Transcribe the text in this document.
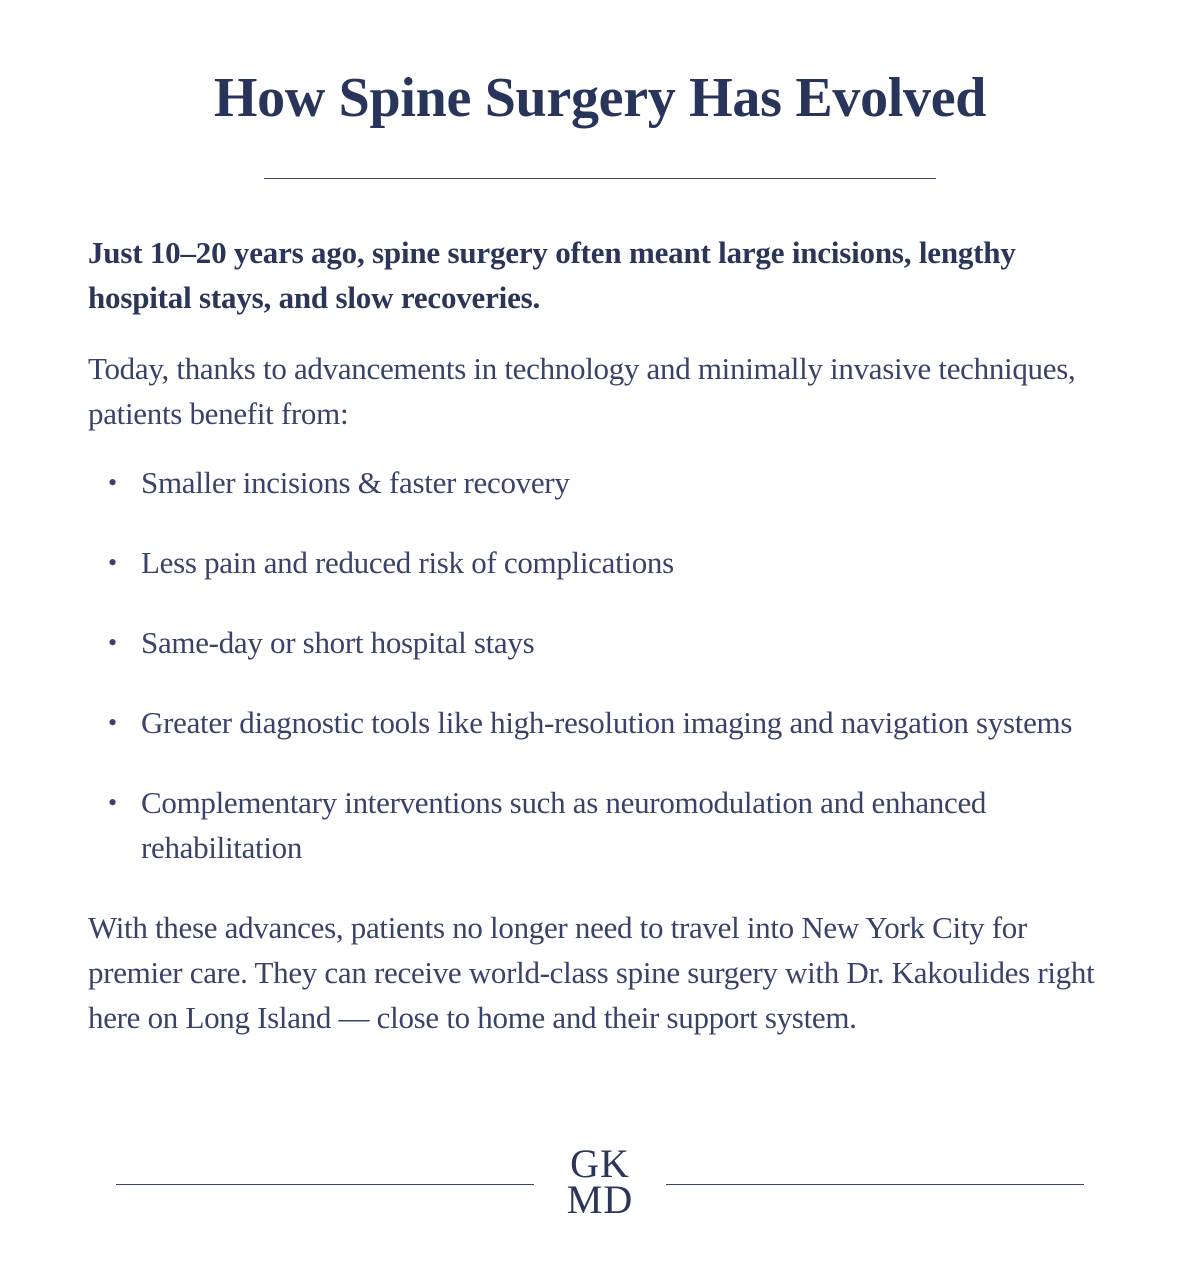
How Spine Surgery Has Evolved

Just 10–20 years ago, spine surgery often meant large incisions, lengthy hospital stays, and slow recoveries.

Today, thanks to advancements in technology and minimally invasive techniques, patients benefit from:

• Smaller incisions & faster recovery
• Less pain and reduced risk of complications
• Same-day or short hospital stays
• Greater diagnostic tools like high-resolution imaging and navigation systems
• Complementary interventions such as neuromodulation and enhanced rehabilitation

With these advances, patients no longer need to travel into New York City for premier care. They can receive world-class spine surgery with Dr. Kakoulides right here on Long Island — close to home and their support system.

GK
MD
